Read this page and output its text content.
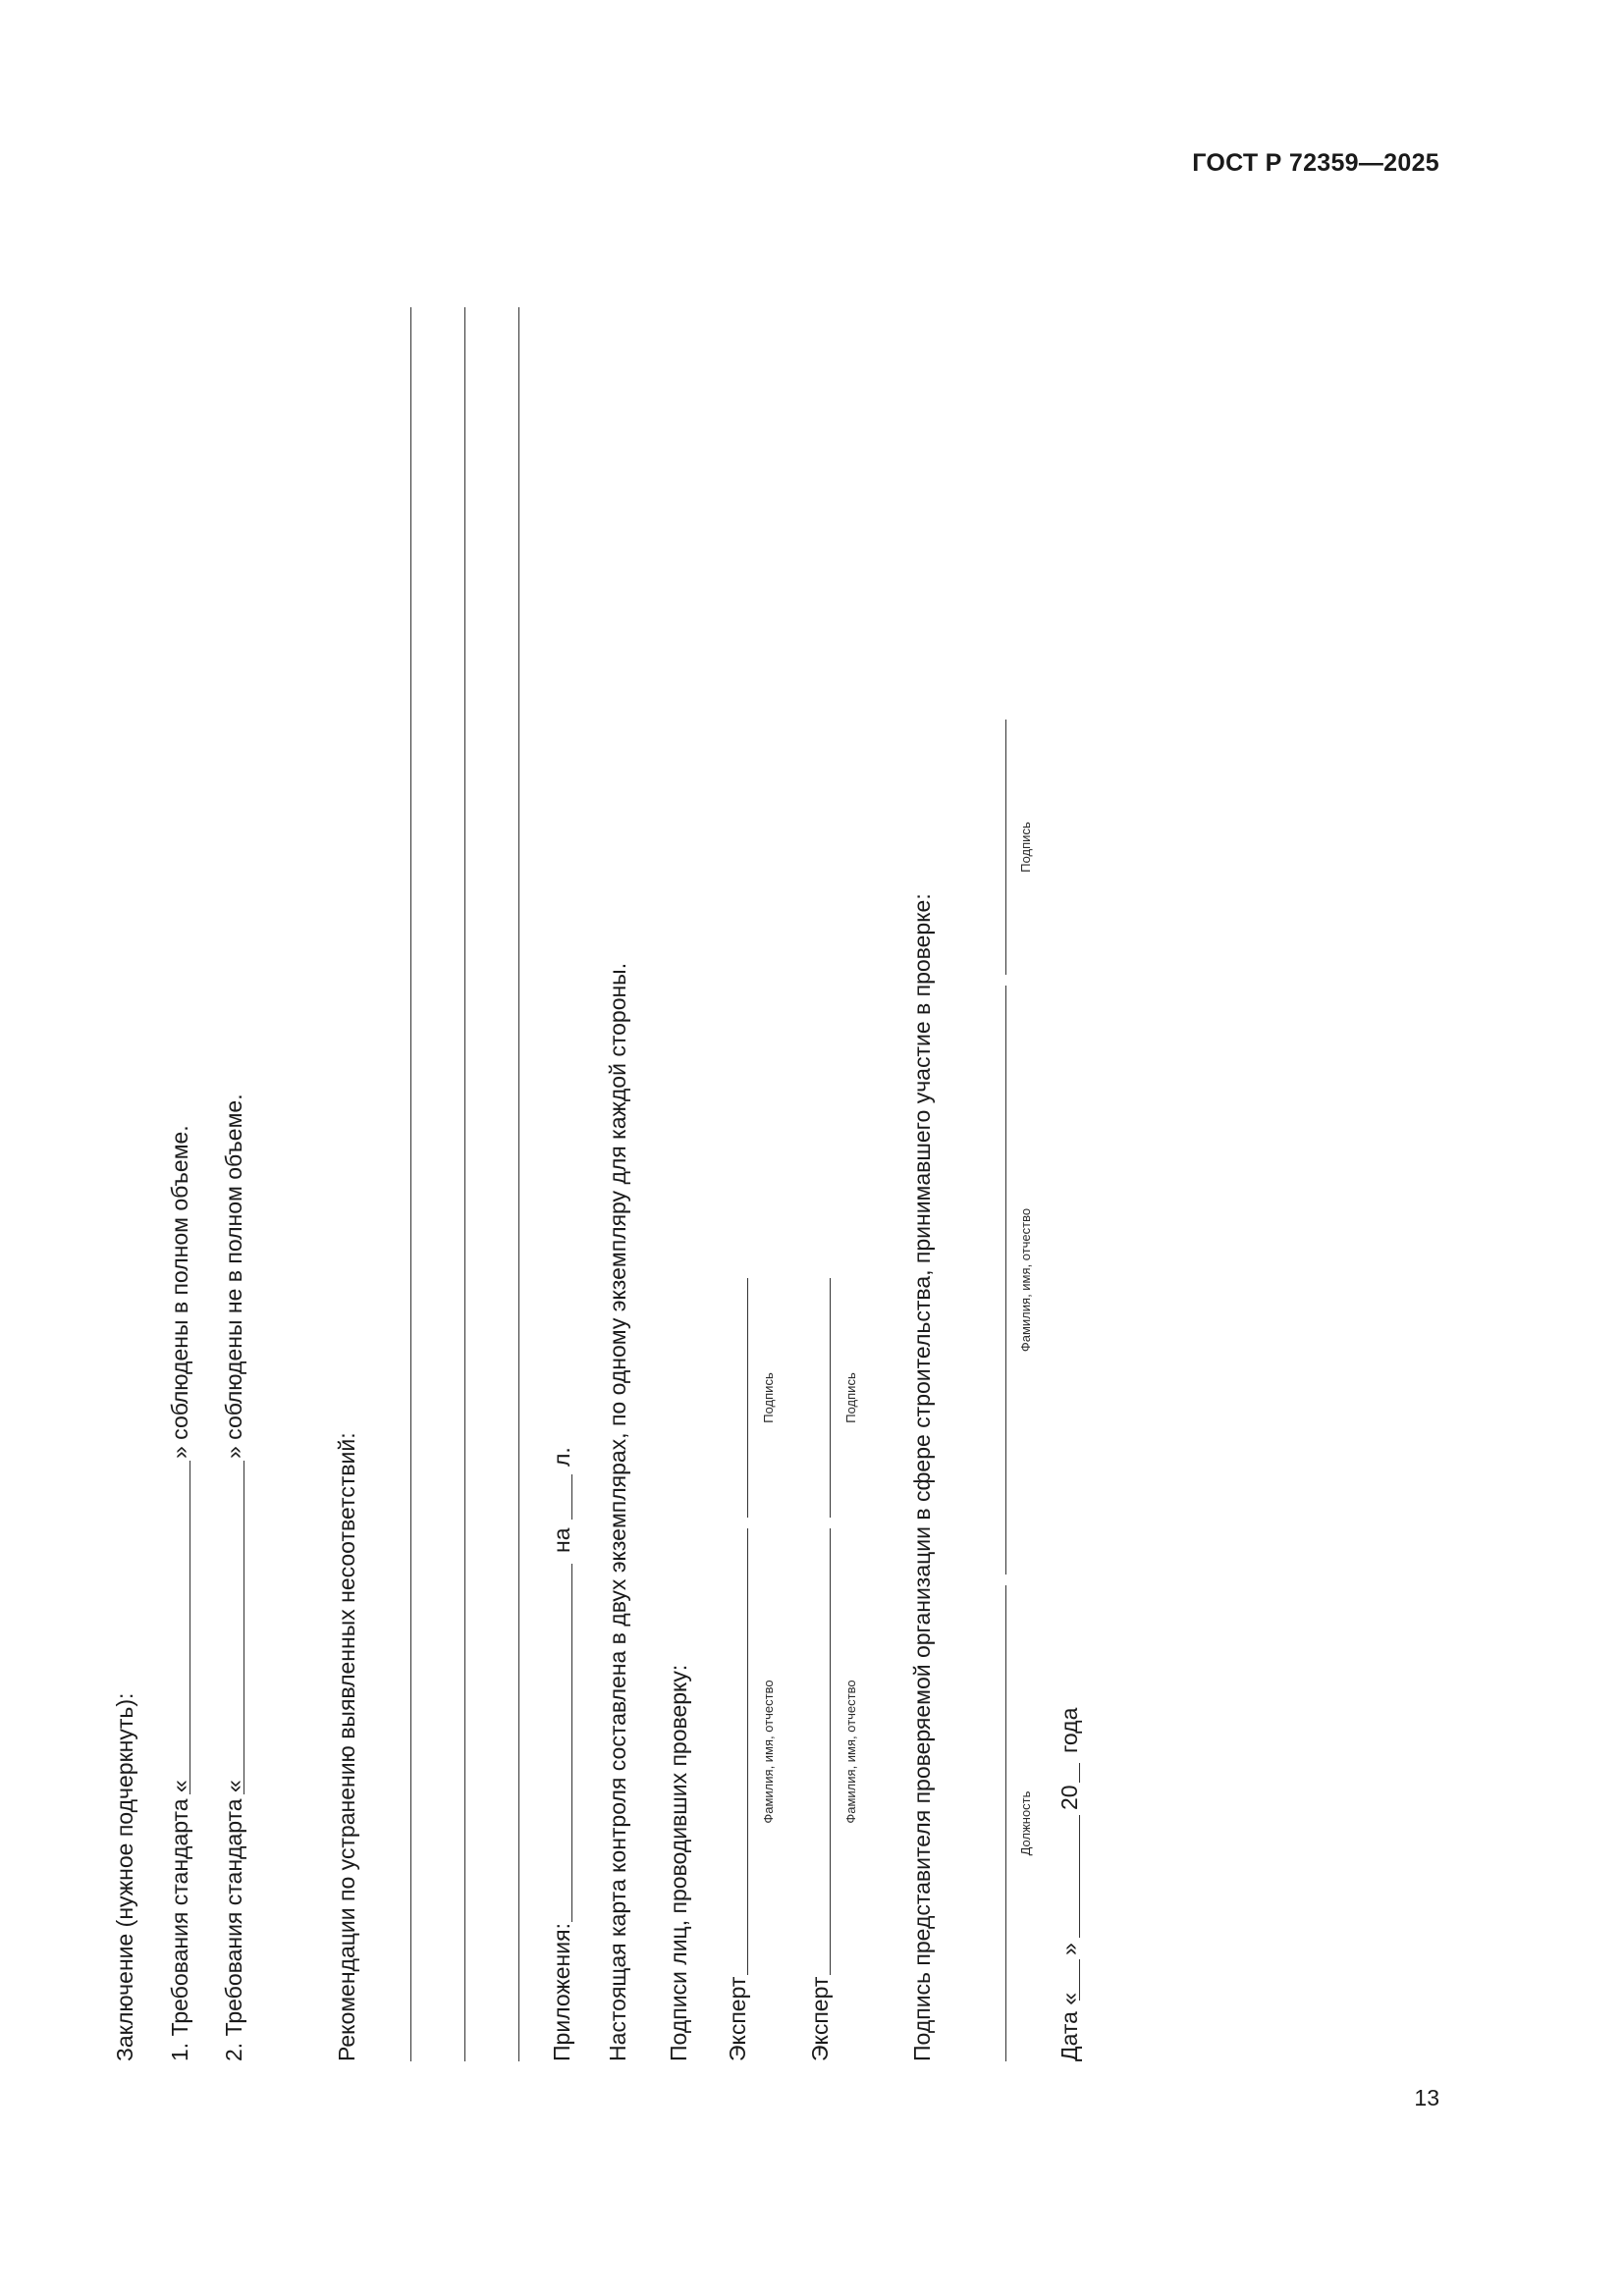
ГОСТ Р 72359—2025
13
Заключение (нужное подчеркнуть): 1. Требования стандарта «
» соблюдены в полном объеме.
2. Требования стандарта «
» соблюдены не в полном объеме.
Рекомендации по устранению выявленных несоответствий:	Приложения:
на
л. Настоящая карта контроля составлена в двух экземплярах, по одному экземпляру для каждой стороны. Подписи лиц, проводивших проверку: Эксперт
Фамилия, имя, отчество
Подпись
Эксперт
Фамилия, имя, отчество
Подпись Подпись представителя проверяемой организации в сфере строительства, принимавшего участие в проверке:	Должность
Фамилия, имя, отчество
Подпись
Дата «
»
20
года
